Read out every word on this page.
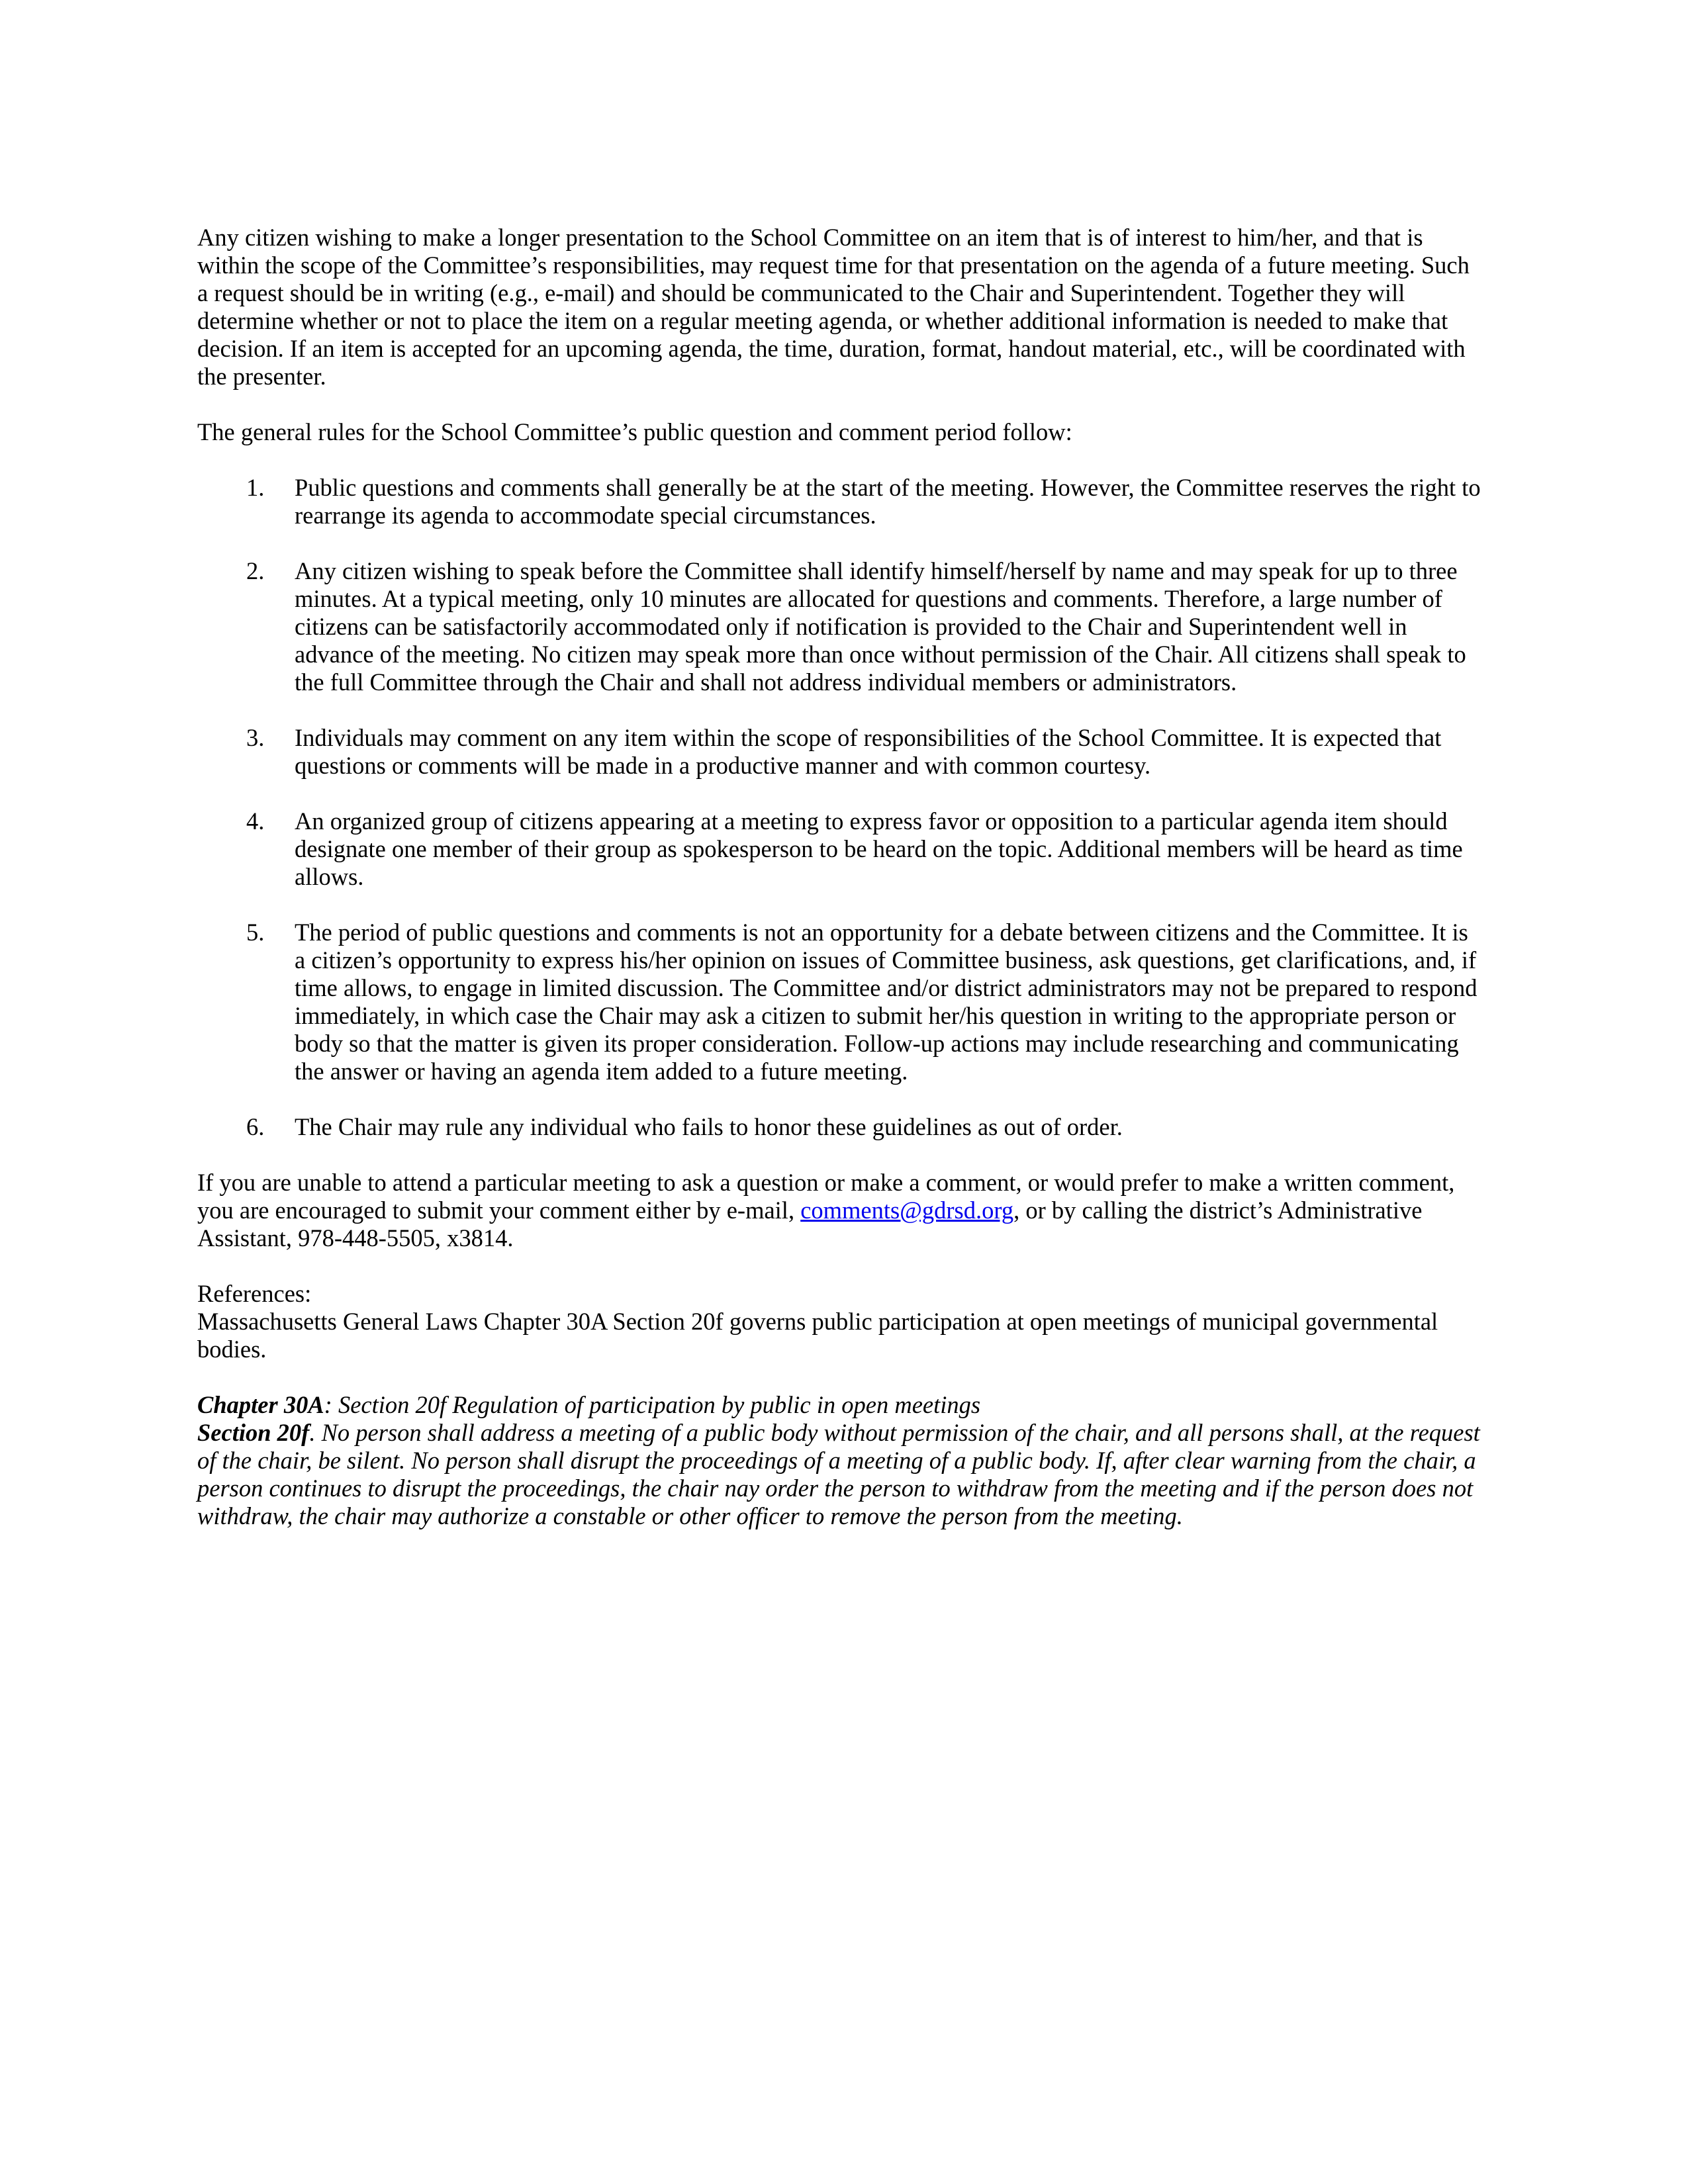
Any citizen wishing to make a longer presentation to the School Committee on an item that is of interest to him/her, and that is within the scope of the Committee’s responsibilities, may request time for that presentation on the agenda of a future meeting. Such a request should be in writing (e.g., e-mail) and should be communicated to the Chair and Superintendent. Together they will determine whether or not to place the item on a regular meeting agenda, or whether additional information is needed to make that decision. If an item is accepted for an upcoming agenda, the time, duration, format, handout material, etc., will be coordinated with the presenter.

The general rules for the School Committee’s public question and comment period follow:

1. Public questions and comments shall generally be at the start of the meeting. However, the Committee reserves the right to rearrange its agenda to accommodate special circumstances.
2. Any citizen wishing to speak before the Committee shall identify himself/herself by name and may speak for up to three minutes. At a typical meeting, only 10 minutes are allocated for questions and comments. Therefore, a large number of citizens can be satisfactorily accommodated only if notification is provided to the Chair and Superintendent well in advance of the meeting. No citizen may speak more than once without permission of the Chair. All citizens shall speak to the full Committee through the Chair and shall not address individual members or administrators.
3. Individuals may comment on any item within the scope of responsibilities of the School Committee. It is expected that questions or comments will be made in a productive manner and with common courtesy.
4. An organized group of citizens appearing at a meeting to express favor or opposition to a particular agenda item should designate one member of their group as spokesperson to be heard on the topic. Additional members will be heard as time allows.
5. The period of public questions and comments is not an opportunity for a debate between citizens and the Committee. It is a citizen’s opportunity to express his/her opinion on issues of Committee business, ask questions, get clarifications, and, if time allows, to engage in limited discussion. The Committee and/or district administrators may not be prepared to respond immediately, in which case the Chair may ask a citizen to submit her/his question in writing to the appropriate person or body so that the matter is given its proper consideration. Follow-up actions may include researching and communicating the answer or having an agenda item added to a future meeting.
6. The Chair may rule any individual who fails to honor these guidelines as out of order.

If you are unable to attend a particular meeting to ask a question or make a comment, or would prefer to make a written comment, you are encouraged to submit your comment either by e-mail, comments@gdrsd.org, or by calling the district’s Administrative Assistant, 978-448-5505, x3814.

References:

Massachusetts General Laws Chapter 30A Section 20f governs public participation at open meetings of municipal governmental bodies.

Chapter 30A: Section 20f Regulation of participation by public in open meetings

Section 20f. No person shall address a meeting of a public body without permission of the chair, and all persons shall, at the request of the chair, be silent. No person shall disrupt the proceedings of a meeting of a public body. If, after clear warning from the chair, a person continues to disrupt the proceedings, the chair nay order the person to withdraw from the meeting and if the person does not withdraw, the chair may authorize a constable or other officer to remove the person from the meeting.
